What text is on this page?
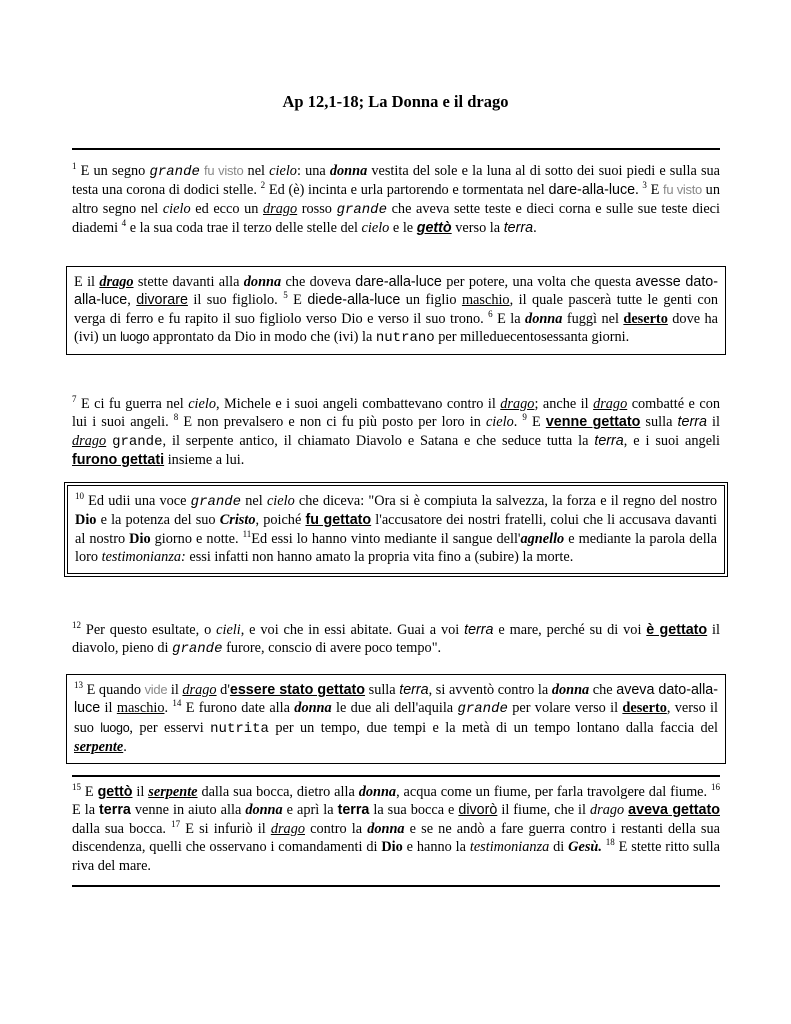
Ap 12,1-18; La Donna e il drago

$^1$ E un segno grande fu visto nel cielo: una donna vestita del sole e la luna al di sotto dei suoi piedi e sulla sua testa una corona di dodici stelle. $^2$ Ed (è) incinta e urla partorendo e tormentata nel dare-alla-luce. $^3$ E fu visto un altro segno nel cielo ed ecco un drago rosso grande che aveva sette teste e dieci corna e sulle sue teste dieci diademi $^4$ e la sua coda trae il terzo delle stelle del cielo e le gettò verso la terra.

E il drago stette davanti alla donna che doveva dare-alla-luce per potere, una volta che questa avesse dato-alla-luce, divorare il suo figliolo. $^5$ E diede-alla-luce un figlio maschio, il quale pascerà tutte le genti con verga di ferro e fu rapito il suo figliolo verso Dio e verso il suo trono. $^6$ E la donna fuggì nel deserto dove ha (ivi) un luogo approntato da Dio in modo che (ivi) la nutrano per milleduecentosessanta giorni.

$^7$ E ci fu guerra nel cielo, Michele e i suoi angeli combattevano contro il drago; anche il drago combatté e con lui i suoi angeli. $^8$ E non prevalsero e non ci fu più posto per loro in cielo. $^9$ E venne gettato sulla terra il drago grande, il serpente antico, il chiamato Diavolo e Satana e che seduce tutta la terra, e i suoi angeli furono gettati insieme a lui.

$^{10}$ Ed udii una voce grande nel cielo che diceva: "Ora si è compiuta la salvezza, la forza e il regno del nostro Dio e la potenza del suo Cristo, poiché fu gettato l'accusatore dei nostri fratelli, colui che li accusava davanti al nostro Dio giorno e notte. $^{11}$Ed essi lo hanno vinto mediante il sangue dell'agnello e mediante la parola della loro testimonianza: essi infatti non hanno amato la propria vita fino a (subire) la morte.

$^{12}$ Per questo esultate, o cieli, e voi che in essi abitate. Guai a voi terra e mare, perché su di voi è gettato il diavolo, pieno di grande furore, conscio di avere poco tempo".

$^{13}$ E quando vide il drago d'essere stato gettato sulla terra, si avventò contro la donna che aveva dato-alla-luce il maschio. $^{14}$ E furono date alla donna le due ali dell'aquila grande per volare verso il deserto, verso il suo luogo, per esservi nutrita per un tempo, due tempi e la metà di un tempo lontano dalla faccia del serpente.

$^{15}$ E gettò il serpente dalla sua bocca, dietro alla donna, acqua come un fiume, per farla travolgere dal fiume. $^{16}$ E la terra venne in aiuto alla donna e aprì la terra la sua bocca e divorò il fiume, che il drago aveva gettato dalla sua bocca. $^{17}$ E si infuriò il drago contro la donna e se ne andò a fare guerra contro i restanti della sua discendenza, quelli che osservano i comandamenti di Dio e hanno la testimonianza di Gesù. $^{18}$ E stette ritto sulla riva del mare.
